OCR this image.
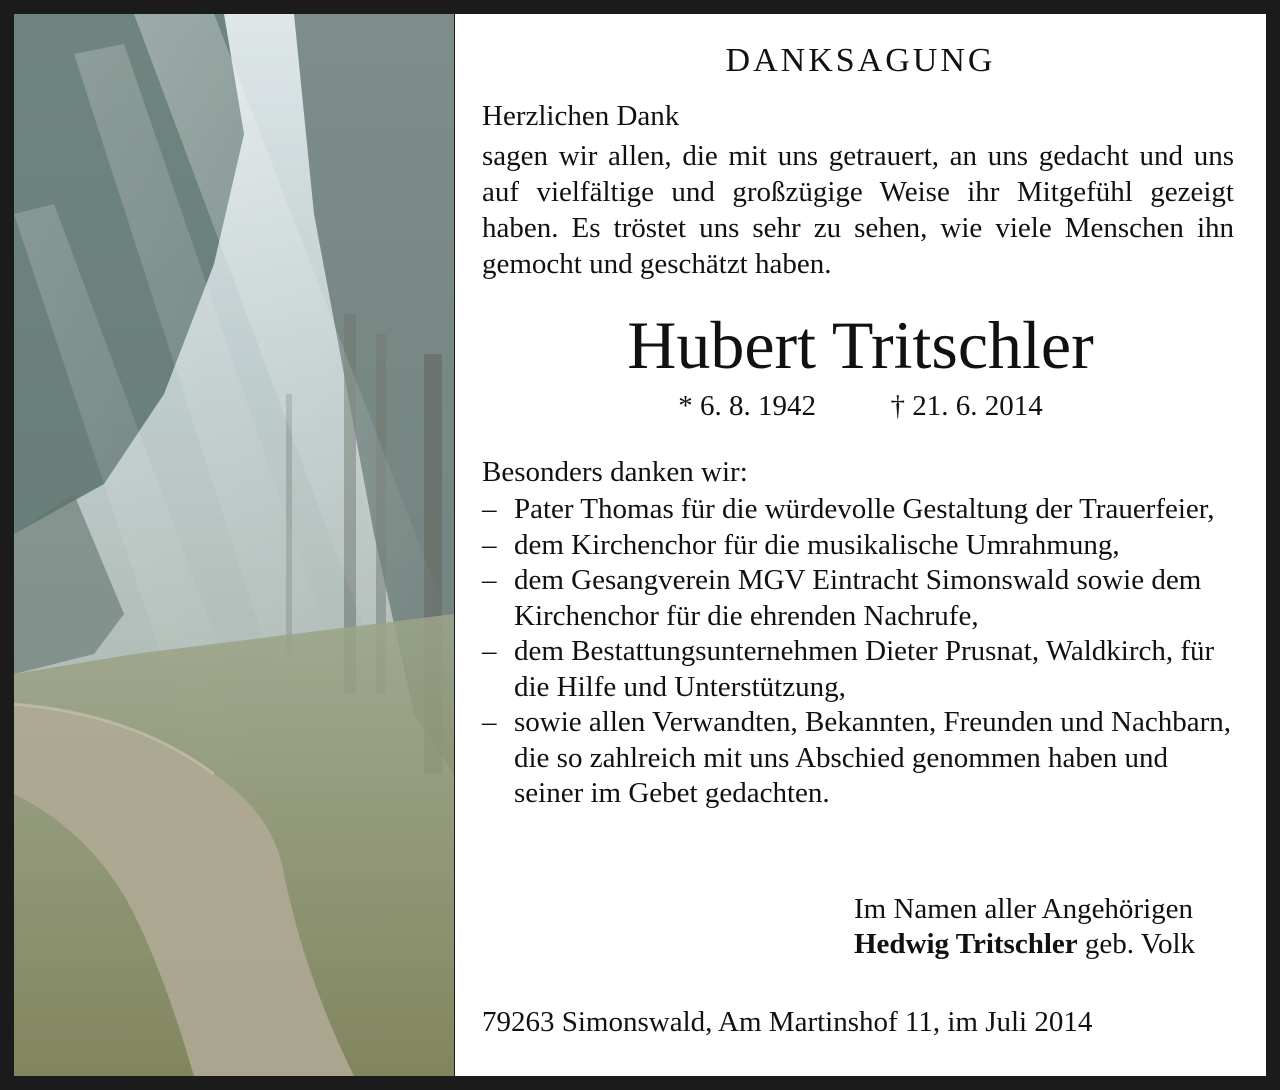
DANKSAGUNG
Herzlichen Dank
sagen wir allen, die mit uns getrauert, an uns gedacht und uns auf vielfältige und großzügige Weise ihr Mitgefühl gezeigt haben. Es tröstet uns sehr zu sehen, wie viele Menschen ihn gemocht und geschätzt haben.
Hubert Tritschler
* 6. 8. 1942	† 21. 6. 2014
Besonders danken wir:
– Pater Thomas für die würdevolle Gestaltung der Trauerfeier,
– dem Kirchenchor für die musikalische Umrahmung,
– dem Gesangverein MGV Eintracht Simonswald sowie dem Kirchenchor für die ehrenden Nachrufe,
– dem Bestattungsunternehmen Dieter Prusnat, Waldkirch, für die Hilfe und Unterstützung,
– sowie allen Verwandten, Bekannten, Freunden und Nachbarn, die so zahlreich mit uns Abschied genommen haben und seiner im Gebet gedachten.
Im Namen aller Angehörigen
Hedwig Tritschler geb. Volk
79263 Simonswald, Am Martinshof 11, im Juli 2014
